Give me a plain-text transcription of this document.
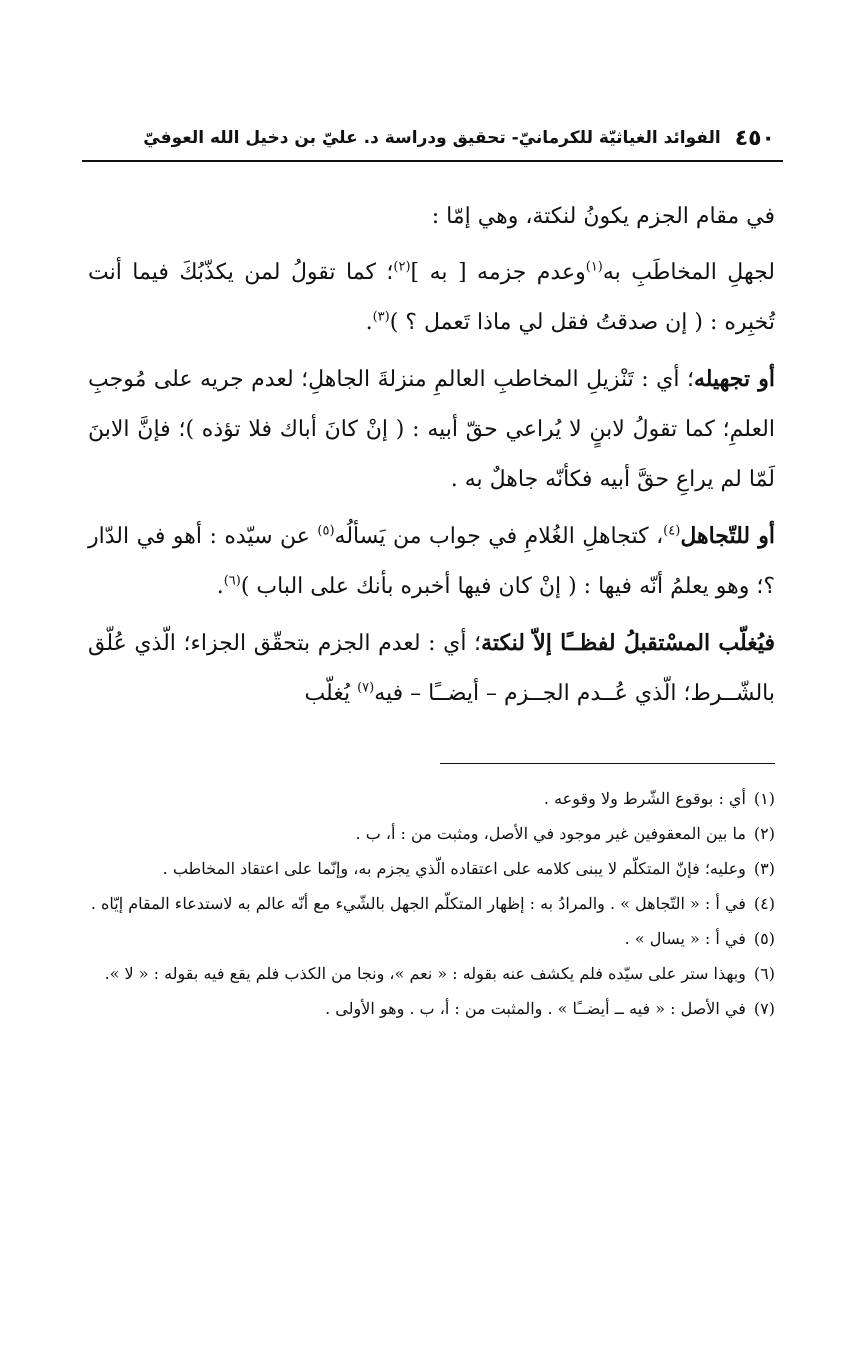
٤٥٠
الفوائد الغياثيّة للكرمانيّ- تحقيق ودراسة د. عليّ بن دخيل الله العوفيّ

في مقام الجزم يكونُ لنكتة، وهي إمّا :

لجهلِ المخاطَبِ به$^{(١)}$وعدم جزمه [ به ]$^{(٢)}$؛ كما تقولُ لمن يكذّبُكَ فيما أنت تُخبِره : ( إن صدقتُ فقل لي ماذا تَعمل ؟ )$^{(٣)}$.

أو تجهيله؛ أي : تَنْزيلِ المخاطبِ العالمِ منزلةَ الجاهلِ؛ لعدم جريه على مُوجبِ العلمِ؛ كما تقولُ لابنٍ لا يُراعي حقّ أبيه : ( إنْ كانَ أباك فلا تؤذه )؛ فإنَّ الابنَ لَمّا لم يراعِ حقَّ أبيه فكأنّه جاهلٌ به .

أو للتّجاهل$^{(٤)}$، كتجاهلِ الغُلامِ في جواب من يَسألُه$^{(٥)}$ عن سيّده : أهو في الدّار ؟؛ وهو يعلمُ أنّه فيها : ( إنْ كان فيها أخبره بأنك على الباب )$^{(٦)}$.

فيُغلّب المسْتقبلُ لفظــًا إلاّ لنكتة؛ أي : لعدم الجزم بتحقّق الجزاء؛ الّذي عُلّق بالشّــرط؛ الّذي عُــدم الجــزم – أيضــًا – فيه$^{(٧)}$ يُغلّب

(١)
أي : بوقوع الشّرط ولا وقوعه .
(٢)
ما بين المعقوفين غير موجود في الأصل، ومثبت من : أ، ب .
(٣)
وعليه؛ فإنّ المتكلّم لا يبنى كلامه على اعتقاده الّذي يجزم به، وإنّما على اعتقاد المخاطب .
(٤)
في أ : « التّجاهل » . والمرادُ به : إظهار المتكلّم الجهل بالشّيء مع أنّه عالم به لاستدعاء المقام إيّاه .
(٥)
في أ : « يسال » .
(٦)
وبهذا ستر على سيّده فلم يكشف عنه بقوله : « نعم »، ونجا من الكذب فلم يقع فيه بقوله : « لا ».
(٧)
في الأصل : « فيه ــ أيضــًا » . والمثبت من : أ، ب . وهو الأولى .
